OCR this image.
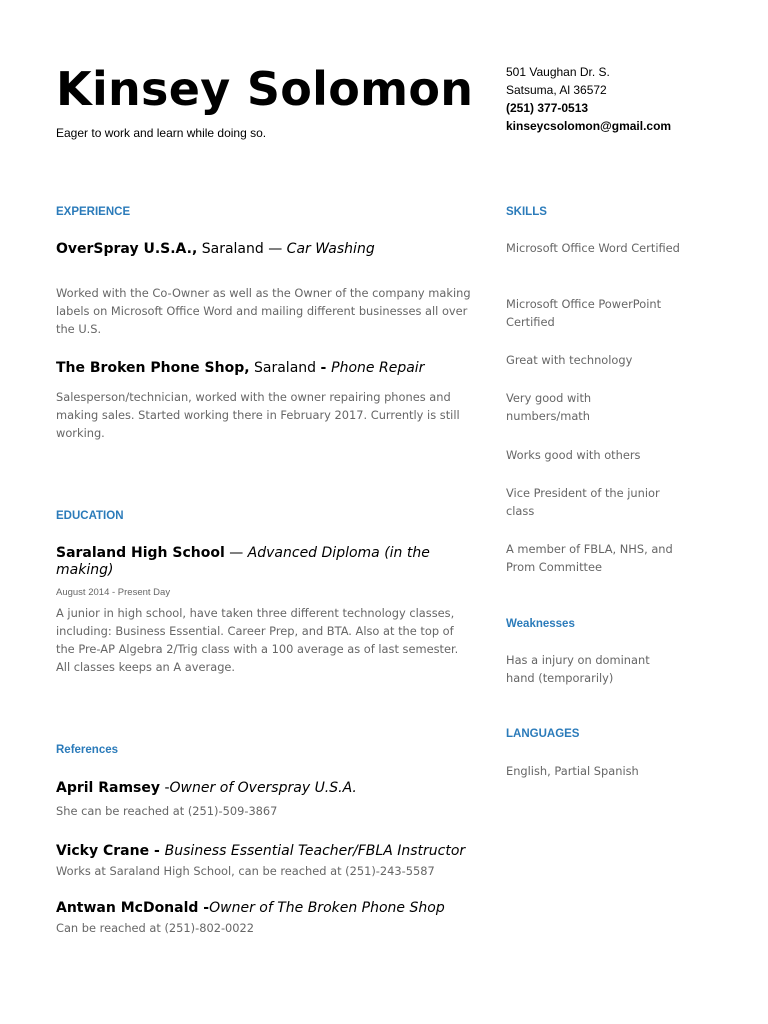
Kinsey Solomon
Eager to work and learn while doing so.
501 Vaughan Dr. S.
Satsuma, Al 36572
(251) 377-0513
kinseycsolomon@gmail.com
EXPERIENCE
OverSpray U.S.A., Saraland — Car Washing
Worked with the Co-Owner as well as the Owner of the company making labels on Microsoft Office Word and mailing different businesses all over the U.S.
The Broken Phone Shop, Saraland - Phone Repair
Salesperson/technician, worked with the owner repairing phones and making sales. Started working there in February 2017. Currently is still working.
EDUCATION
Saraland High School — Advanced Diploma (in the making)
August 2014 - Present Day
A junior in high school, have taken three different technology classes, including: Business Essential. Career Prep, and BTA. Also at the top of the Pre-AP Algebra 2/Trig class with a 100 average as of last semester. All classes keeps an A average.
References
April Ramsey -Owner of Overspray U.S.A.
She can be reached at (251)-509-3867
Vicky Crane - Business Essential Teacher/FBLA Instructor
Works at Saraland High School, can be reached at (251)-243-5587
Antwan McDonald -Owner of The Broken Phone Shop
Can be reached at (251)-802-0022
SKILLS
Microsoft Office Word Certified
Microsoft Office PowerPoint Certified
Great with technology
Very good with numbers/math
Works good with others
Vice President of the junior class
A member of FBLA, NHS, and Prom Committee
Weaknesses
Has a injury on dominant hand (temporarily)
LANGUAGES
English, Partial Spanish
